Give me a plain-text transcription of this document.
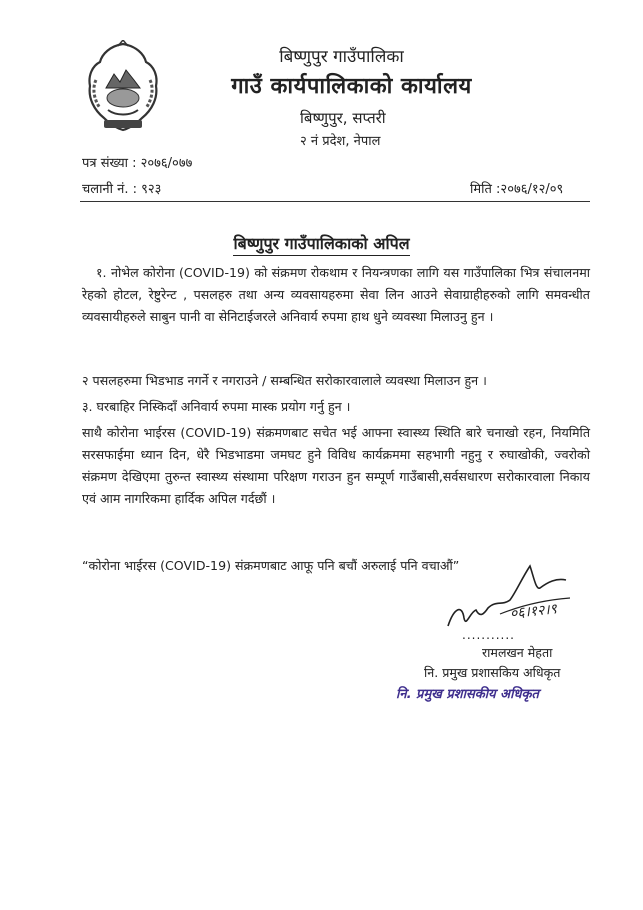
बिष्णुपुर गाउँपालिका
गाउँ कार्यपालिकाको कार्यालय
बिष्णुपुर, सप्तरी
२ नं प्रदेश, नेपाल
पत्र संख्या : २०७६/०७७
चलानी नं. : ९२३	मिति :२०७६/१२/०९
बिष्णुपुर गाउँपालिकाको अपिल
१. नोभेल कोरोना (COVID-19) को संक्रमण रोकथाम र नियन्त्रणका लागि यस गाउँपालिका भित्र संचालनमा रेहको होटल, रेष्टुरेन्ट , पसलहरु तथा अन्य व्यवसायहरुमा सेवा लिन आउने सेवाग्राहीहरुको लागि समवन्धीत व्यवसायीहरुले साबुन पानी वा सेनिटाईजरले अनिवार्य रुपमा हाथ धुने व्यवस्था मिलाउनु हुन ।
२ पसलहरुमा भिडभाड नगर्ने र नगराउने / सम्बन्धित सरोकारवालाले व्यवस्था मिलाउन हुन ।
३. घरबाहिर निस्किदाँ अनिवार्य रुपमा मास्क प्रयोग गर्नु हुन ।
साथै कोरोना भाईरस (COVID-19) संक्रमणबाट सचेत भई आफ्ना स्वास्थ्य स्थिति बारे चनाखो रहन, नियमिति सरसफाईमा ध्यान दिन, धेरै भिडभाडमा जमघट हुने विविध कार्यक्रममा सहभागी नहुनु र रुघाखोकी, ज्वरोको संक्रमण देखिएमा तुरुन्त स्वास्थ्य संस्थामा परिक्षण गराउन हुन सम्पूर्ण गाउँबासी,सर्वसधारण सरोकारवाला निकाय एवं आम नागरिकमा हार्दिक अपिल गर्दछौं ।
“कोरोना भाईरस (COVID-19) संक्रमणबाट आफू पनि बचौं अरुलाई पनि वचाऔं”
०६।१२।९
...........
रामलखन मेहता
नि. प्रमुख प्रशासकिय अधिकृत
नि. प्रमुख प्रशासकीय अधिकृत
